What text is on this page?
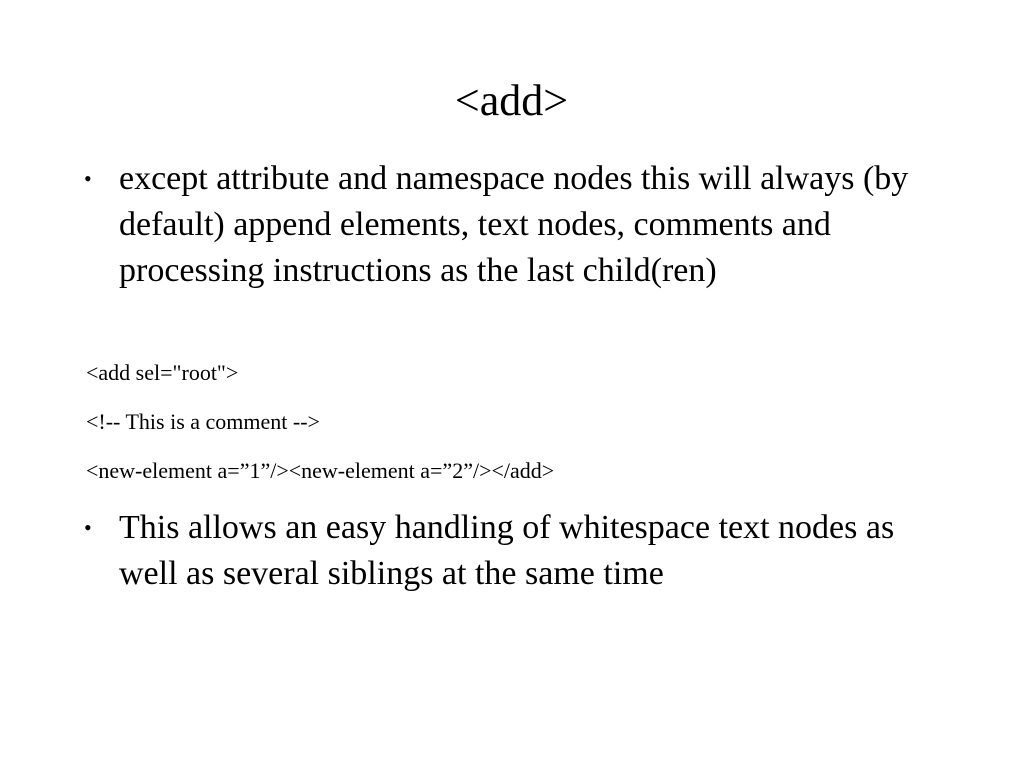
<add>
• except attribute and namespace nodes this will always (by default) append elements, text nodes, comments and processing instructions as the last child(ren)
<add sel="root">
<!-- This is a comment -->
<new-element a=”1”/><new-element a=”2”/></add>
• This allows an easy handling of whitespace text nodes as well as several siblings at the same time
